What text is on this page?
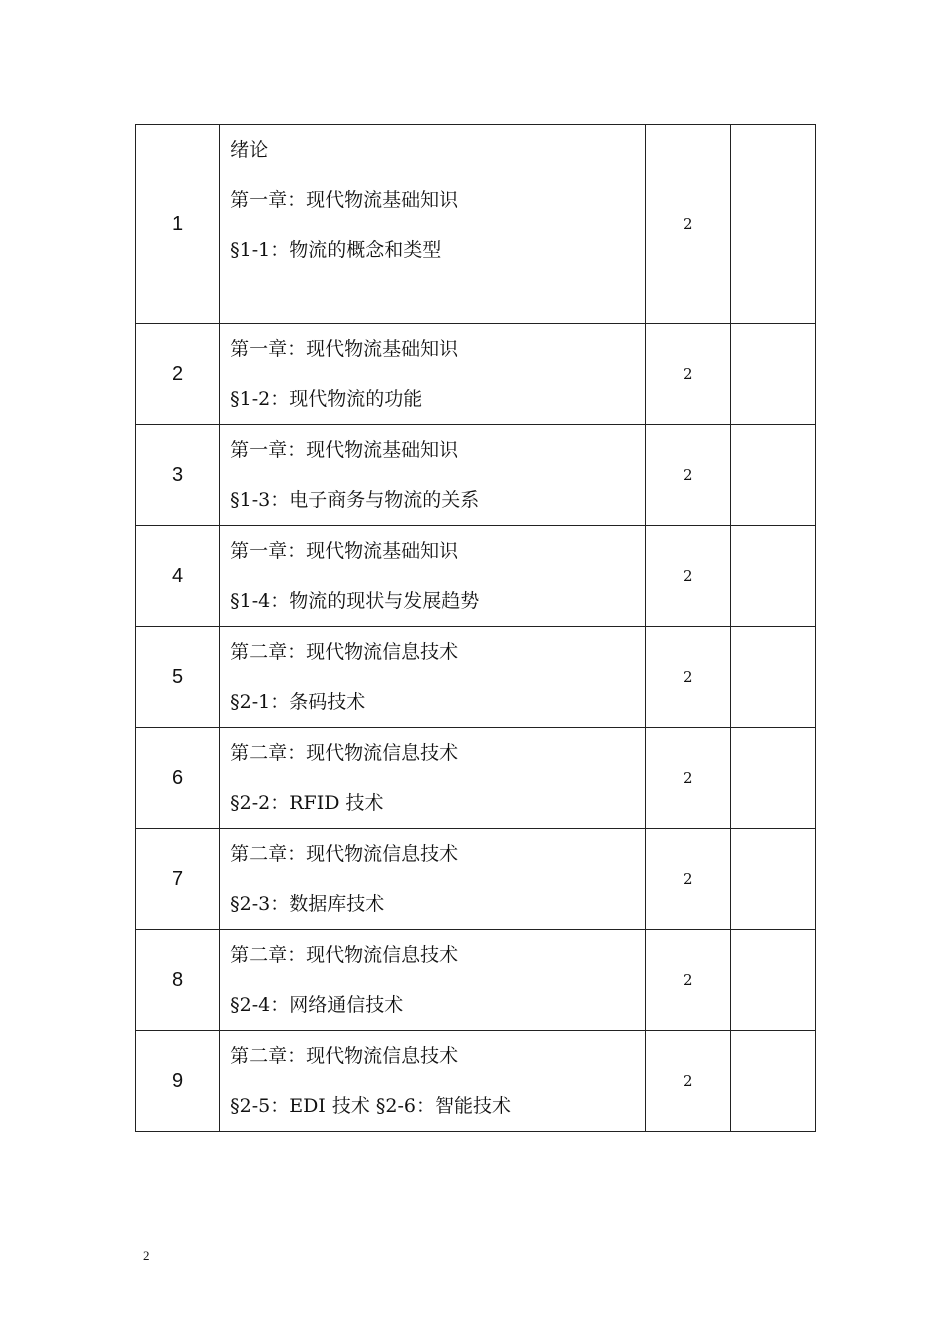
1	绪论
第一章：现代物流基础知识
§1-1：物流的概念和类型	2	
2	第一章：现代物流基础知识
§1-2：现代物流的功能	2	
3	第一章：现代物流基础知识
§1-3：电子商务与物流的关系	2	
4	第一章：现代物流基础知识
§1-4：物流的现状与发展趋势	2	
5	第二章：现代物流信息技术
§2-1：条码技术	2	
6	第二章：现代物流信息技术
§2-2：RFID 技术	2	
7	第二章：现代物流信息技术
§2-3：数据库技术	2	
8	第二章：现代物流信息技术
§2-4：网络通信技术	2	
9	第二章：现代物流信息技术
§2-5：EDI 技术 §2-6：智能技术	2	
2
